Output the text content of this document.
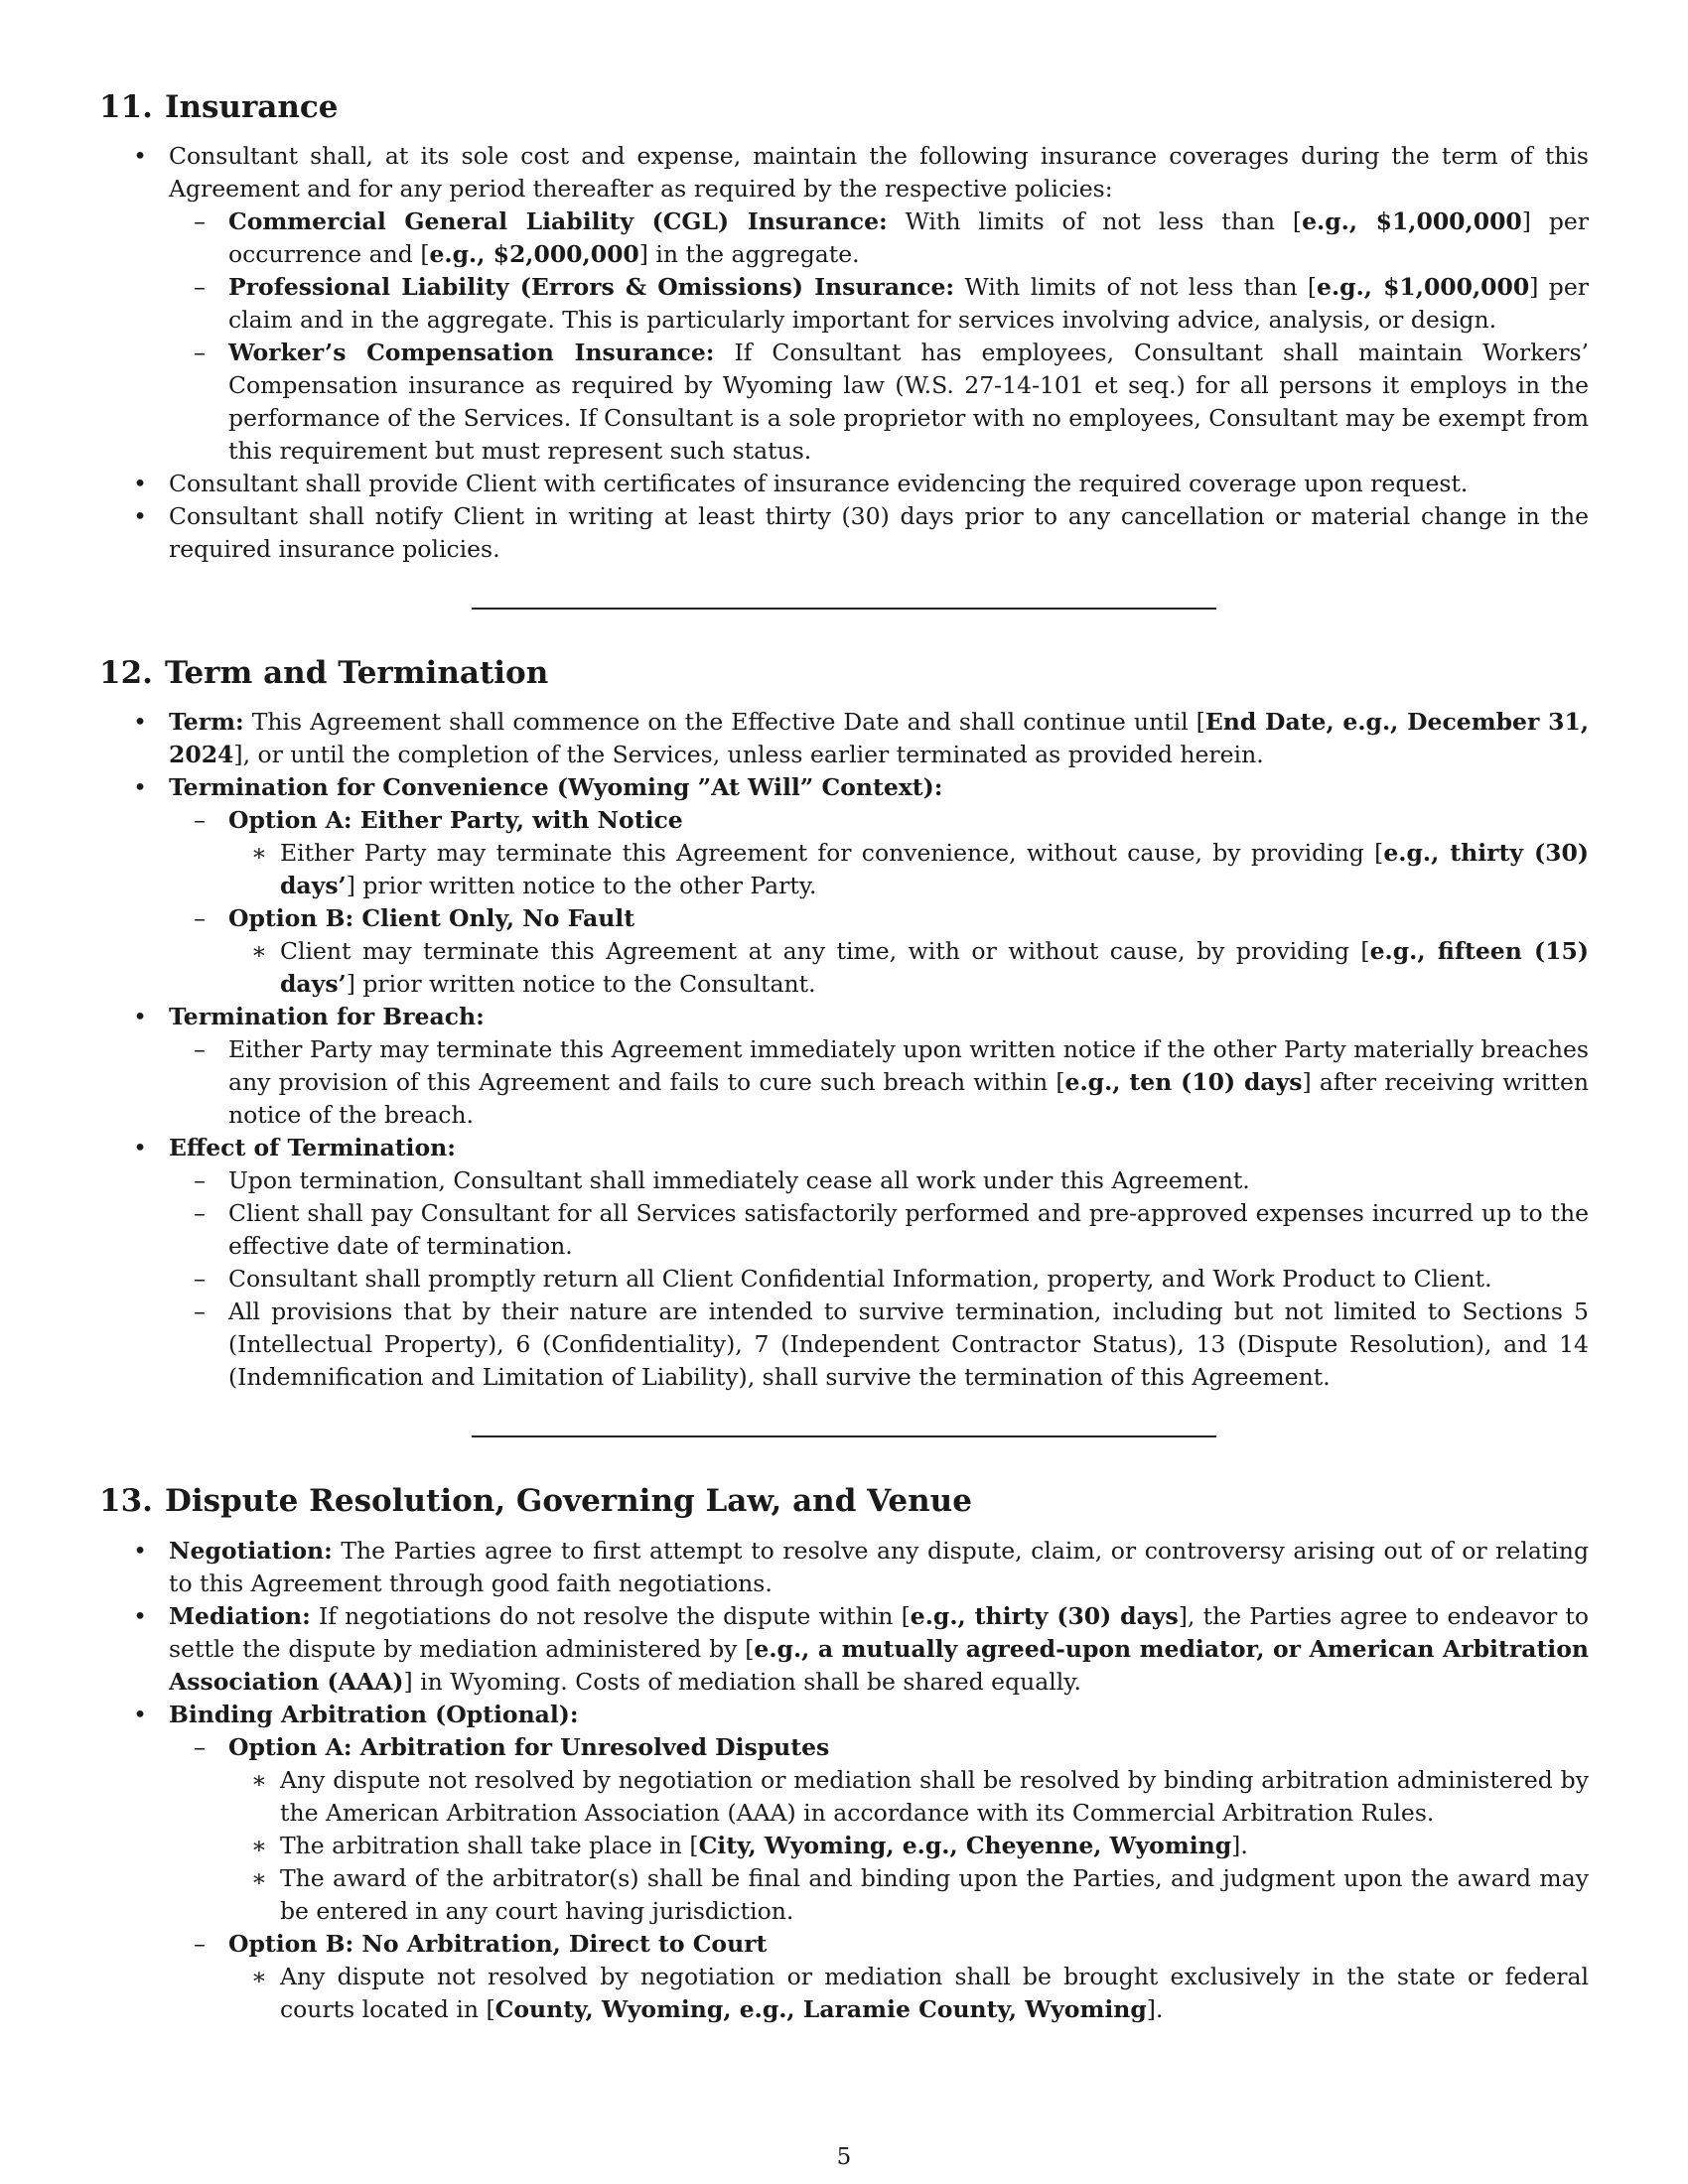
11. Insurance
• Consultant shall, at its sole cost and expense, maintain the following insurance coverages during the term of this Agreement and for any period thereafter as required by the respective policies:
– Commercial General Liability (CGL) Insurance: With limits of not less than [e.g., $1,000,000] per occurrence and [e.g., $2,000,000] in the aggregate.
– Professional Liability (Errors & Omissions) Insurance: With limits of not less than [e.g., $1,000,000] per claim and in the aggregate. This is particularly important for services involving advice, analysis, or design.
– Worker’s Compensation Insurance: If Consultant has employees, Consultant shall maintain Workers’ Compensation insurance as required by Wyoming law (W.S. 27-14-101 et seq.) for all persons it employs in the performance of the Services. If Consultant is a sole proprietor with no employees, Consultant may be exempt from this requirement but must represent such status.
• Consultant shall provide Client with certificates of insurance evidencing the required coverage upon request.
• Consultant shall notify Client in writing at least thirty (30) days prior to any cancellation or material change in the required insurance policies.
12. Term and Termination
• Term: This Agreement shall commence on the Effective Date and shall continue until [End Date, e.g., December 31, 2024], or until the completion of the Services, unless earlier terminated as provided herein.
• Termination for Convenience (Wyoming ”At Will” Context):
– Option A: Either Party, with Notice
∗ Either Party may terminate this Agreement for convenience, without cause, by providing [e.g., thirty (30) days’] prior written notice to the other Party.
– Option B: Client Only, No Fault
∗ Client may terminate this Agreement at any time, with or without cause, by providing [e.g., fifteen (15) days’] prior written notice to the Consultant.
• Termination for Breach:
– Either Party may terminate this Agreement immediately upon written notice if the other Party materially breaches any provision of this Agreement and fails to cure such breach within [e.g., ten (10) days] after receiving written notice of the breach.
• Effect of Termination:
– Upon termination, Consultant shall immediately cease all work under this Agreement.
– Client shall pay Consultant for all Services satisfactorily performed and pre-approved expenses incurred up to the effective date of termination.
– Consultant shall promptly return all Client Confidential Information, property, and Work Product to Client.
– All provisions that by their nature are intended to survive termination, including but not limited to Sections 5 (Intellectual Property), 6 (Confidentiality), 7 (Independent Contractor Status), 13 (Dispute Resolution), and 14 (Indemnification and Limitation of Liability), shall survive the termination of this Agreement.
13. Dispute Resolution, Governing Law, and Venue
• Negotiation: The Parties agree to first attempt to resolve any dispute, claim, or controversy arising out of or relating to this Agreement through good faith negotiations.
• Mediation: If negotiations do not resolve the dispute within [e.g., thirty (30) days], the Parties agree to endeavor to settle the dispute by mediation administered by [e.g., a mutually agreed-upon mediator, or American Arbitration Association (AAA)] in Wyoming. Costs of mediation shall be shared equally.
• Binding Arbitration (Optional):
– Option A: Arbitration for Unresolved Disputes
∗ Any dispute not resolved by negotiation or mediation shall be resolved by binding arbitration administered by the American Arbitration Association (AAA) in accordance with its Commercial Arbitration Rules.
∗ The arbitration shall take place in [City, Wyoming, e.g., Cheyenne, Wyoming].
∗ The award of the arbitrator(s) shall be final and binding upon the Parties, and judgment upon the award may be entered in any court having jurisdiction.
– Option B: No Arbitration, Direct to Court
∗ Any dispute not resolved by negotiation or mediation shall be brought exclusively in the state or federal courts located in [County, Wyoming, e.g., Laramie County, Wyoming].
5
